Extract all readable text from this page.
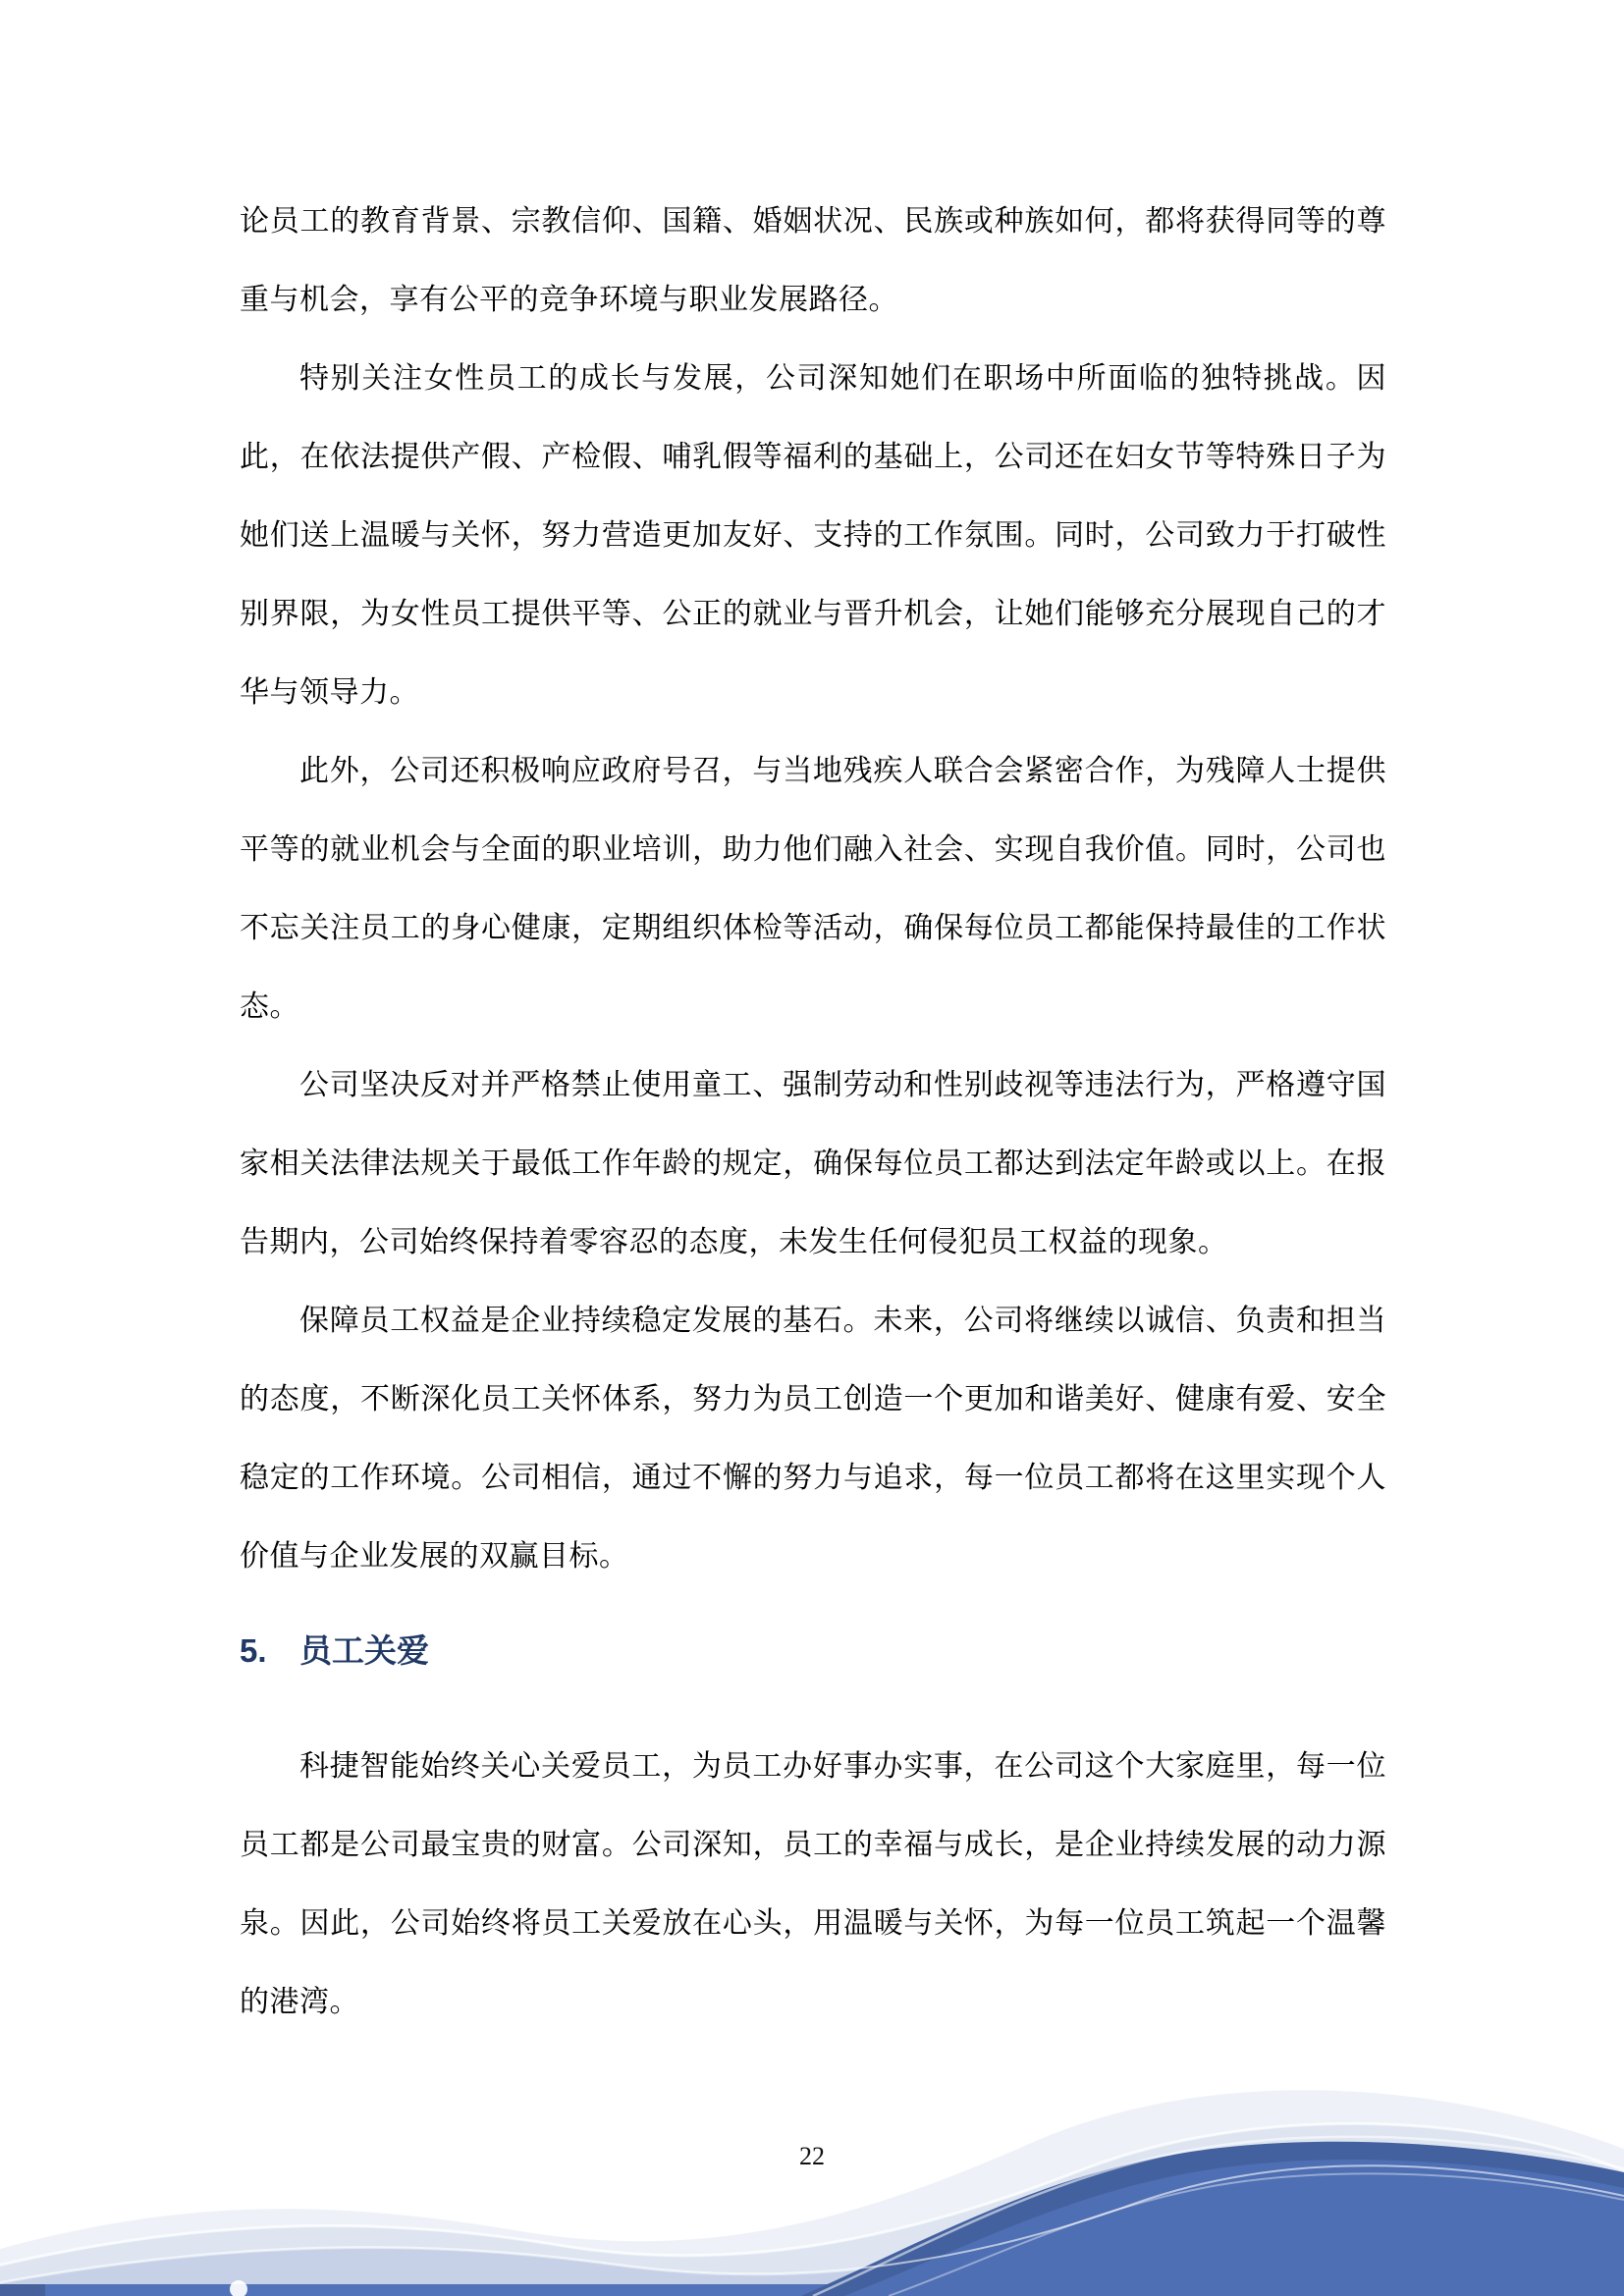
论员工的教育背景、宗教信仰、国籍、婚姻状况、民族或种族如何，都将获得同等的尊重与机会，享有公平的竞争环境与职业发展路径。

特别关注女性员工的成长与发展，公司深知她们在职场中所面临的独特挑战。因此，在依法提供产假、产检假、哺乳假等福利的基础上，公司还在妇女节等特殊日子为她们送上温暖与关怀，努力营造更加友好、支持的工作氛围。同时，公司致力于打破性别界限，为女性员工提供平等、公正的就业与晋升机会，让她们能够充分展现自己的才华与领导力。

此外，公司还积极响应政府号召，与当地残疾人联合会紧密合作，为残障人士提供平等的就业机会与全面的职业培训，助力他们融入社会、实现自我价值。同时，公司也不忘关注员工的身心健康，定期组织体检等活动，确保每位员工都能保持最佳的工作状态。

公司坚决反对并严格禁止使用童工、强制劳动和性别歧视等违法行为，严格遵守国家相关法律法规关于最低工作年龄的规定，确保每位员工都达到法定年龄或以上。在报告期内，公司始终保持着零容忍的态度，未发生任何侵犯员工权益的现象。

保障员工权益是企业持续稳定发展的基石。未来，公司将继续以诚信、负责和担当的态度，不断深化员工关怀体系，努力为员工创造一个更加和谐美好、健康有爱、安全稳定的工作环境。公司相信，通过不懈的努力与追求，每一位员工都将在这里实现个人价值与企业发展的双赢目标。

5.	员工关爱

科捷智能始终关心关爱员工，为员工办好事办实事，在公司这个大家庭里，每一位员工都是公司最宝贵的财富。公司深知，员工的幸福与成长，是企业持续发展的动力源泉。因此，公司始终将员工关爱放在心头，用温暖与关怀，为每一位员工筑起一个温馨的港湾。

22
